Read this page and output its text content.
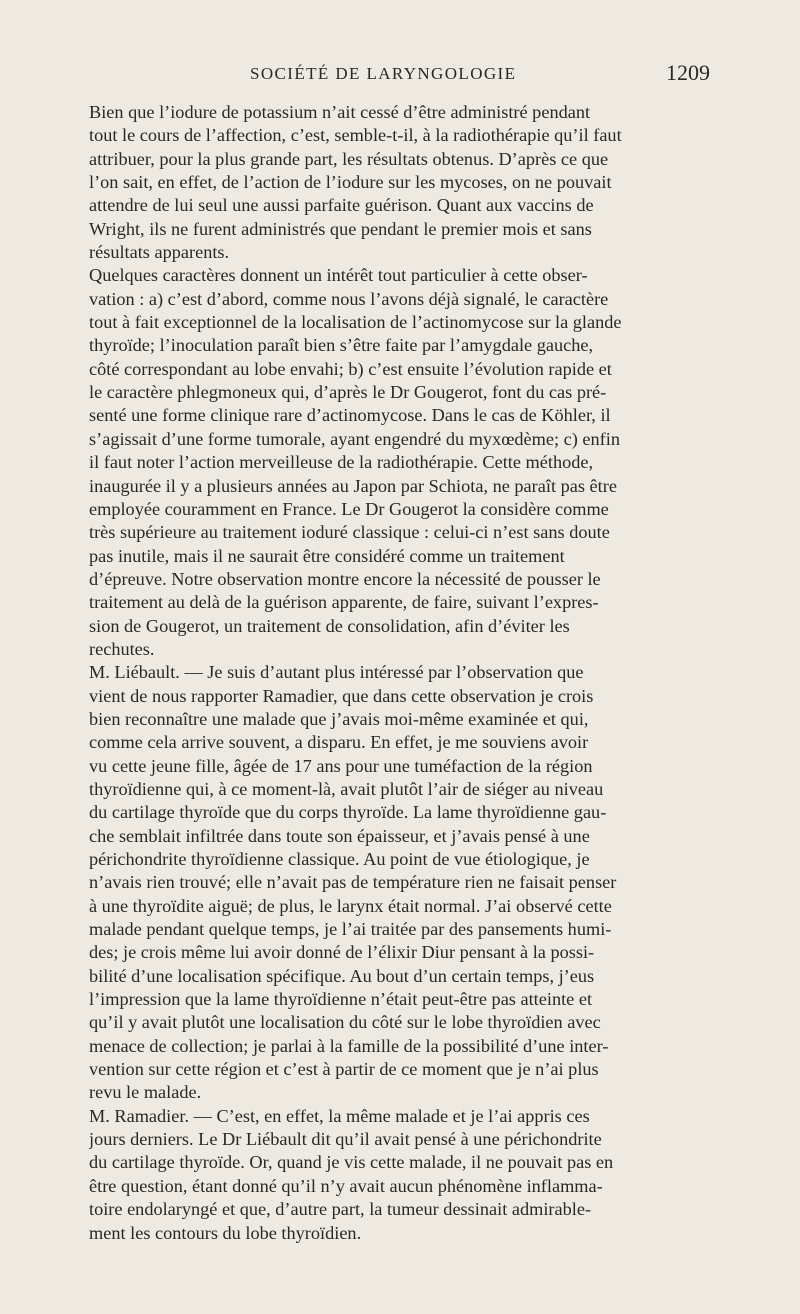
SOCIÉTÉ DE LARYNGOLOGIE	1209

Bien que l’iodure de potassium n’ait cessé d’être administré pendant
tout le cours de l’affection, c’est, semble-t-il, à la radiothérapie qu’il faut
attribuer, pour la plus grande part, les résultats obtenus. D’après ce que
l’on sait, en effet, de l’action de l’iodure sur les mycoses, on ne pouvait
attendre de lui seul une aussi parfaite guérison. Quant aux vaccins de
Wright, ils ne furent administrés que pendant le premier mois et sans
résultats apparents.

Quelques caractères donnent un intérêt tout particulier à cette obser-
vation : a) c’est d’abord, comme nous l’avons déjà signalé, le caractère
tout à fait exceptionnel de la localisation de l’actinomycose sur la glande
thyroïde; l’inoculation paraît bien s’être faite par l’amygdale gauche,
côté correspondant au lobe envahi; b) c’est ensuite l’évolution rapide et
le caractère phlegmoneux qui, d’après le Dr Gougerot, font du cas pré-
senté une forme clinique rare d’actinomycose. Dans le cas de Köhler, il
s’agissait d’une forme tumorale, ayant engendré du myxœdème; c) enfin
il faut noter l’action merveilleuse de la radiothérapie. Cette méthode,
inaugurée il y a plusieurs années au Japon par Schiota, ne paraît pas être
employée couramment en France. Le Dr Gougerot la considère comme
très supérieure au traitement ioduré classique : celui-ci n’est sans doute
pas inutile, mais il ne saurait être considéré comme un traitement
d’épreuve. Notre observation montre encore la nécessité de pousser le
traitement au delà de la guérison apparente, de faire, suivant l’expres-
sion de Gougerot, un traitement de consolidation, afin d’éviter les
rechutes.

M. Liébault. — Je suis d’autant plus intéressé par l’observation que
vient de nous rapporter Ramadier, que dans cette observation je crois
bien reconnaître une malade que j’avais moi-même examinée et qui,
comme cela arrive souvent, a disparu. En effet, je me souviens avoir
vu cette jeune fille, âgée de 17 ans pour une tuméfaction de la région
thyroïdienne qui, à ce moment-là, avait plutôt l’air de siéger au niveau
du cartilage thyroïde que du corps thyroïde. La lame thyroïdienne gau-
che semblait infiltrée dans toute son épaisseur, et j’avais pensé à une
périchondrite thyroïdienne classique. Au point de vue étiologique, je
n’avais rien trouvé; elle n’avait pas de température rien ne faisait penser
à une thyroïdite aiguë; de plus, le larynx était normal. J’ai observé cette
malade pendant quelque temps, je l’ai traitée par des pansements humi-
des; je crois même lui avoir donné de l’élixir Diur pensant à la possi-
bilité d’une localisation spécifique. Au bout d’un certain temps, j’eus
l’impression que la lame thyroïdienne n’était peut-être pas atteinte et
qu’il y avait plutôt une localisation du côté sur le lobe thyroïdien avec
menace de collection; je parlai à la famille de la possibilité d’une inter-
vention sur cette région et c’est à partir de ce moment que je n’ai plus
revu le malade.

M. Ramadier. — C’est, en effet, la même malade et je l’ai appris ces
jours derniers. Le Dr Liébault dit qu’il avait pensé à une périchondrite
du cartilage thyroïde. Or, quand je vis cette malade, il ne pouvait pas en
être question, étant donné qu’il n’y avait aucun phénomène inflamma-
toire endolaryngé et que, d’autre part, la tumeur dessinait admirable-
ment les contours du lobe thyroïdien.
